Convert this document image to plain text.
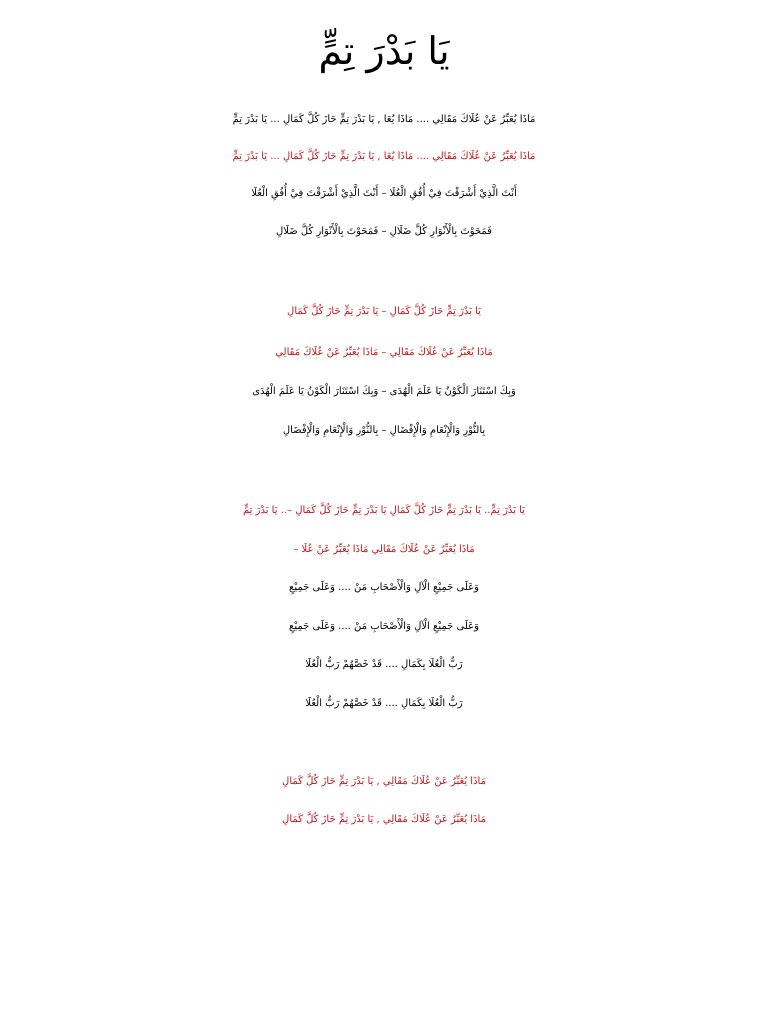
يَا بَدْرَ تِمٍّ
مَاذَا يُعَبِّرُ عَنْ عُلَاكَ مَقَالِي .... مَاذَا يُعَا , يَا بَدْرَ تِمٍّ حَازَ كُلَّ كَمَالِ ... يَا بَدْرَ تِمٍّ
مَاذَا يُعَبِّرُ عَنْ عُلَاكَ مَقَالِي .... مَاذَا يُعَا , يَا بَدْرَ تِمٍّ حَازَ كُلَّ كَمَالِ ... يَا بَدْرَ تِمٍّ
أَنْتَ الَّذِيْ أَشْرَقْتَ فِيْ أُفُقِ الْعُلَا – أَنْتَ الَّذِيْ أَشْرَقْتَ فِيْ أُفُقِ الْعُلَا
فَمَحَوْتَ بِالْأَنْوَارِ كُلَّ ضَلَالِ – فَمَحَوْتَ بِالْأَنْوَارِ كُلَّ ضَلَالِ
يَا بَدْرَ تِمٍّ حَازَ كُلَّ كَمَالِ – يَا بَدْرَ تِمٍّ حَازَ كُلَّ كَمَالِ
مَاذَا يُعَبِّرُ عَنْ عُلَاكَ مَقَالِي – مَاذَا يُعَبِّرُ عَنْ عُلَاكَ مَقَالِي
وَبِكَ اسْتَنَارَ الْكَوْنُ يَا عَلَمَ الْهُدَى – وَبِكَ اسْتَنَارَ الْكَوْنُ يَا عَلَمَ الْهُدَى
بِالنُّوْرِ وَالْإِنْعَامِ وَالْإِفْضَالِ – بِالنُّوْرِ وَالْإِنْعَامِ وَالْإِفْضَالِ
يَا بَدْرَ تِمٍّ.. يَا بَدْرَ تِمٍّ حَازَ كُلَّ كَمَالِ يَا بَدْرَ تِمٍّ حَازَ كُلَّ كَمَالِ –.. يَا بَدْرَ تِمٍّ
مَاذَا يُعَبِّرُ عَنْ عُلَاكَ مَقَالِي مَاذَا يُعَبِّرُ عَنْ عُلَا –
وَعَلَى جَمِيْعِ الْآلِ وَالْأَصْحَابِ مَنْ .... وَعَلَى جَمِيْعِ
وَعَلَى جَمِيْعِ الْآلِ وَالْأَصْحَابِ مَنْ .... وَعَلَى جَمِيْعِ
رَبُّ الْعُلَا بِكَمَالِ .... قَدْ خَصَّهُمْ رَبُّ الْعُلَا
رَبُّ الْعُلَا بِكَمَالِ .... قَدْ خَصَّهُمْ رَبُّ الْعُلَا
مَاذَا يُعَبِّرُ عَنْ عُلَاكَ مَقَالِي , يَا بَدْرَ تِمٍّ حَازَ كُلَّ كَمَالِ
مَاذَا يُعَبِّرُ عَنْ عُلَاكَ مَقَالِي , يَا بَدْرَ تِمٍّ حَازَ كُلَّ كَمَالِ
